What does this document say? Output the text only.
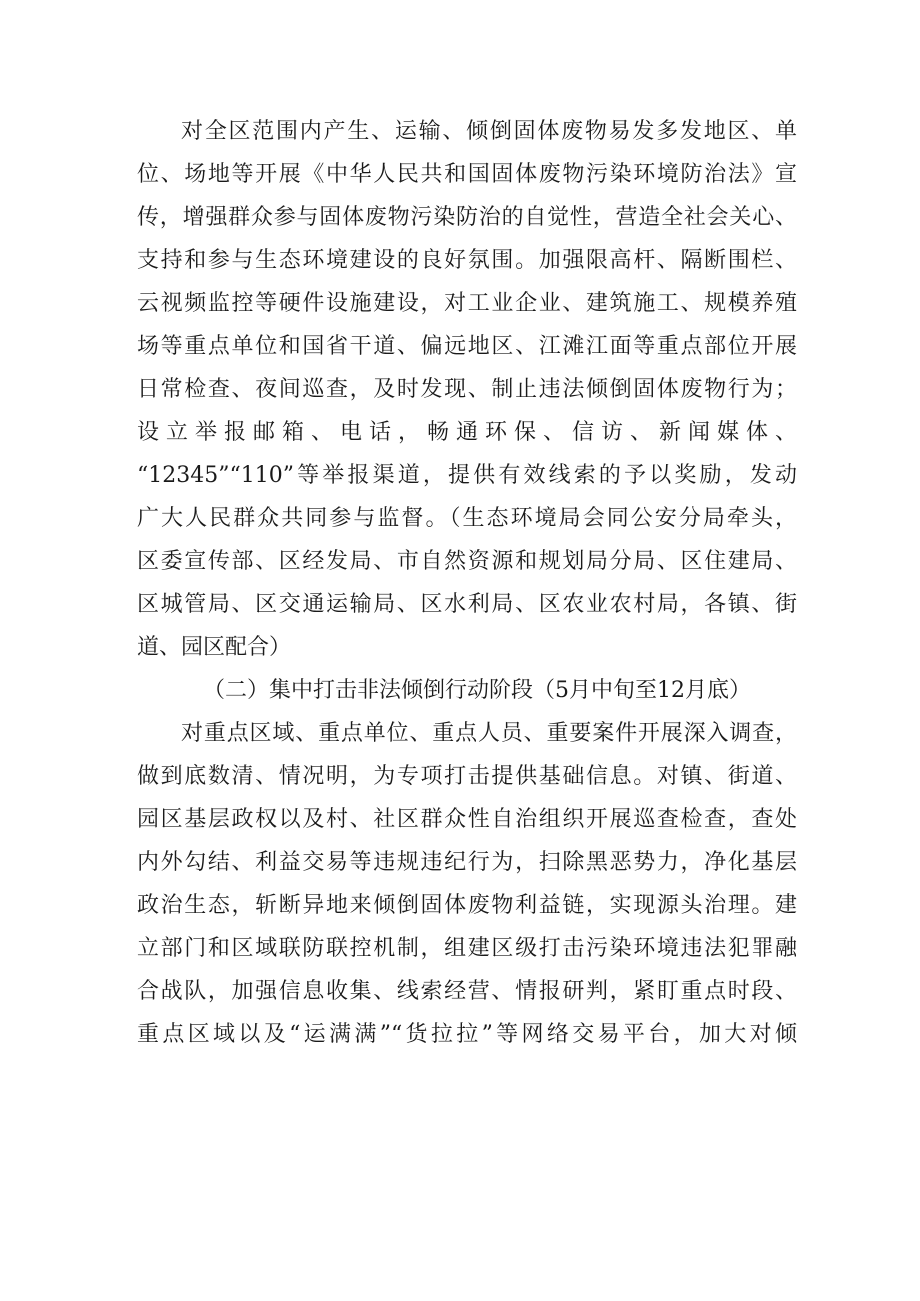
对全区范围内产生、运输、倾倒固体废物易发多发地区、单
位、场地等开展《中华人民共和国固体废物污染环境防治法》宣
传，增强群众参与固体废物污染防治的自觉性，营造全社会关心、
支持和参与生态环境建设的良好氛围。加强限高杆、隔断围栏、
云视频监控等硬件设施建设，对工业企业、建筑施工、规模养殖
场等重点单位和国省干道、偏远地区、江滩江面等重点部位开展
日常检查、夜间巡查，及时发现、制止违法倾倒固体废物行为；
设立举报邮箱、电话，畅通环保、信访、新闻媒体、
“12345”“110”等举报渠道，提供有效线索的予以奖励，发动
广大人民群众共同参与监督。（生态环境局会同公安分局牵头，
区委宣传部、区经发局、市自然资源和规划局分局、区住建局、
区城管局、区交通运输局、区水利局、区农业农村局，各镇、街
道、园区配合）
（二）集中打击非法倾倒行动阶段（5月中旬至12月底）
对重点区域、重点单位、重点人员、重要案件开展深入调查，
做到底数清、情况明，为专项打击提供基础信息。对镇、街道、
园区基层政权以及村、社区群众性自治组织开展巡查检查，查处
内外勾结、利益交易等违规违纪行为，扫除黑恶势力，净化基层
政治生态，斩断异地来倾倒固体废物利益链，实现源头治理。建
立部门和区域联防联控机制，组建区级打击污染环境违法犯罪融
合战队，加强信息收集、线索经营、情报研判，紧盯重点时段、
重点区域以及“运满满”“货拉拉”等网络交易平台，加大对倾
